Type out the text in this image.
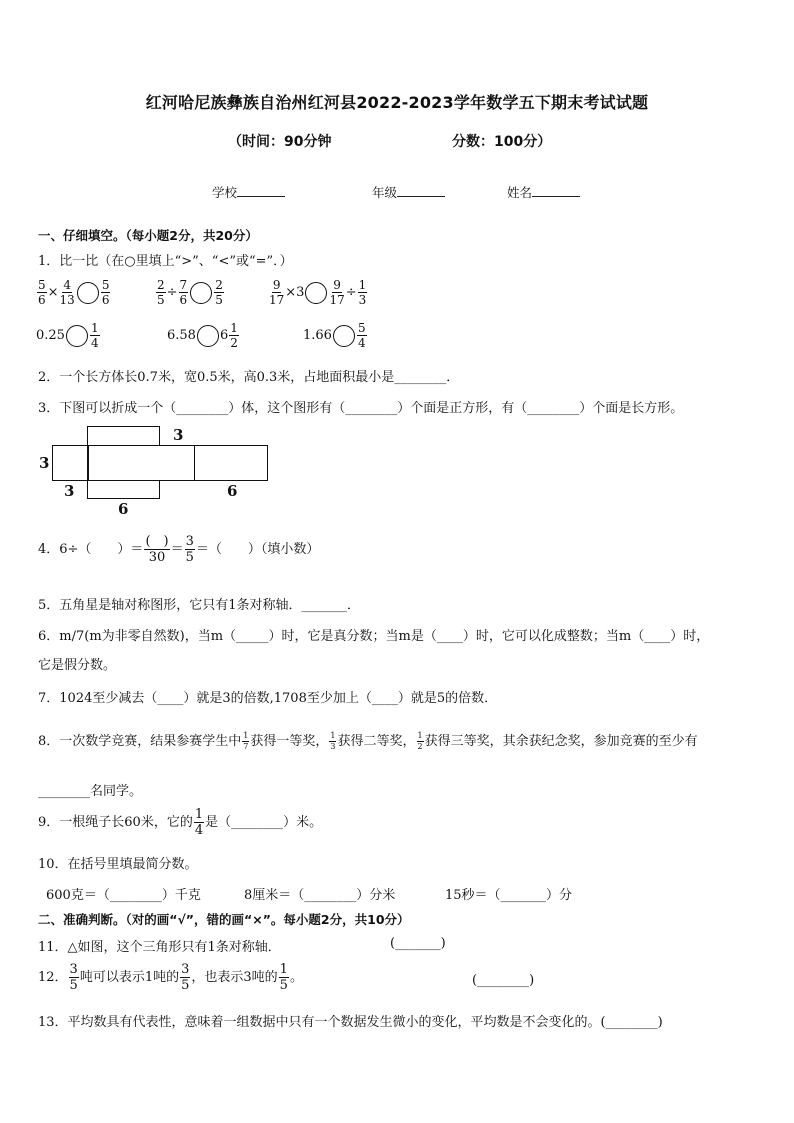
红河哈尼族彝族自治州红河县2022-2023学年数学五下期末考试试题
（时间：90分钟	分数：100分）
学校	年级	姓名
一、仔细填空。（每小题2分，共20分）
1．比一比（在○里填上“>”、“<”或“=”．）
$\frac{5}{6} \times \frac{4}{13} \frac{5}{6}$	$\frac{2}{5} \div \frac{7}{6} \frac{2}{5}$	$\frac{9}{17} \times 3 \frac{9}{17} \div \frac{1}{3}$
$0.25 \frac{1}{4}$	6.58 $6 \frac{1}{2}$	$1.66 \frac{5}{4}$
2．一个长方体长0.7米，宽0.5米，高0.3米，占地面积最小是________．
3．下图可以折成一个（________）体，这个图形有（________）个面是正方形，有（________）个面是长方形。
3
3
3
6
6
4．6÷（　　）＝ $\frac{( )}{30} = \frac{3}{5}$ ＝（　　）（填小数）
5．五角星是轴对称图形，它只有1条对称轴．_______．
6．m/7(m为非零自然数)，当m（_____）时，它是真分数；当m是（____）时，它可以化成整数；当m（____）时，
它是假分数。
7．1024至少减去（____）就是3的倍数,1708至少加上（____）就是5的倍数．
8．一次数学竞赛，结果参赛学生中 $\frac{1}{7}$ 获得一等奖， $\frac{1}{3}$ 获得二等奖， $\frac{1}{2}$ 获得三等奖，其余获纪念奖，参加竞赛的至少有
________名同学。
9．一根绳子长60米，它的 $\frac{1}{4}$ 是（________）米。
10．在括号里填最简分数。
600克＝（________）千克	8厘米＝（________）分米	15秒＝（_______）分
二、准确判断。（对的画“√”，错的画“×”。每小题2分，共10分）
11．△如图，这个三角形只有1条对称轴．	(_______)
12． $\frac{3}{5}$ 吨可以表示1吨的 $\frac{3}{5}$ ，也表示3吨的 $\frac{1}{5}$ 。	(________)
13．平均数具有代表性，意味着一组数据中只有一个数据发生微小的变化，平均数是不会变化的。(________)
